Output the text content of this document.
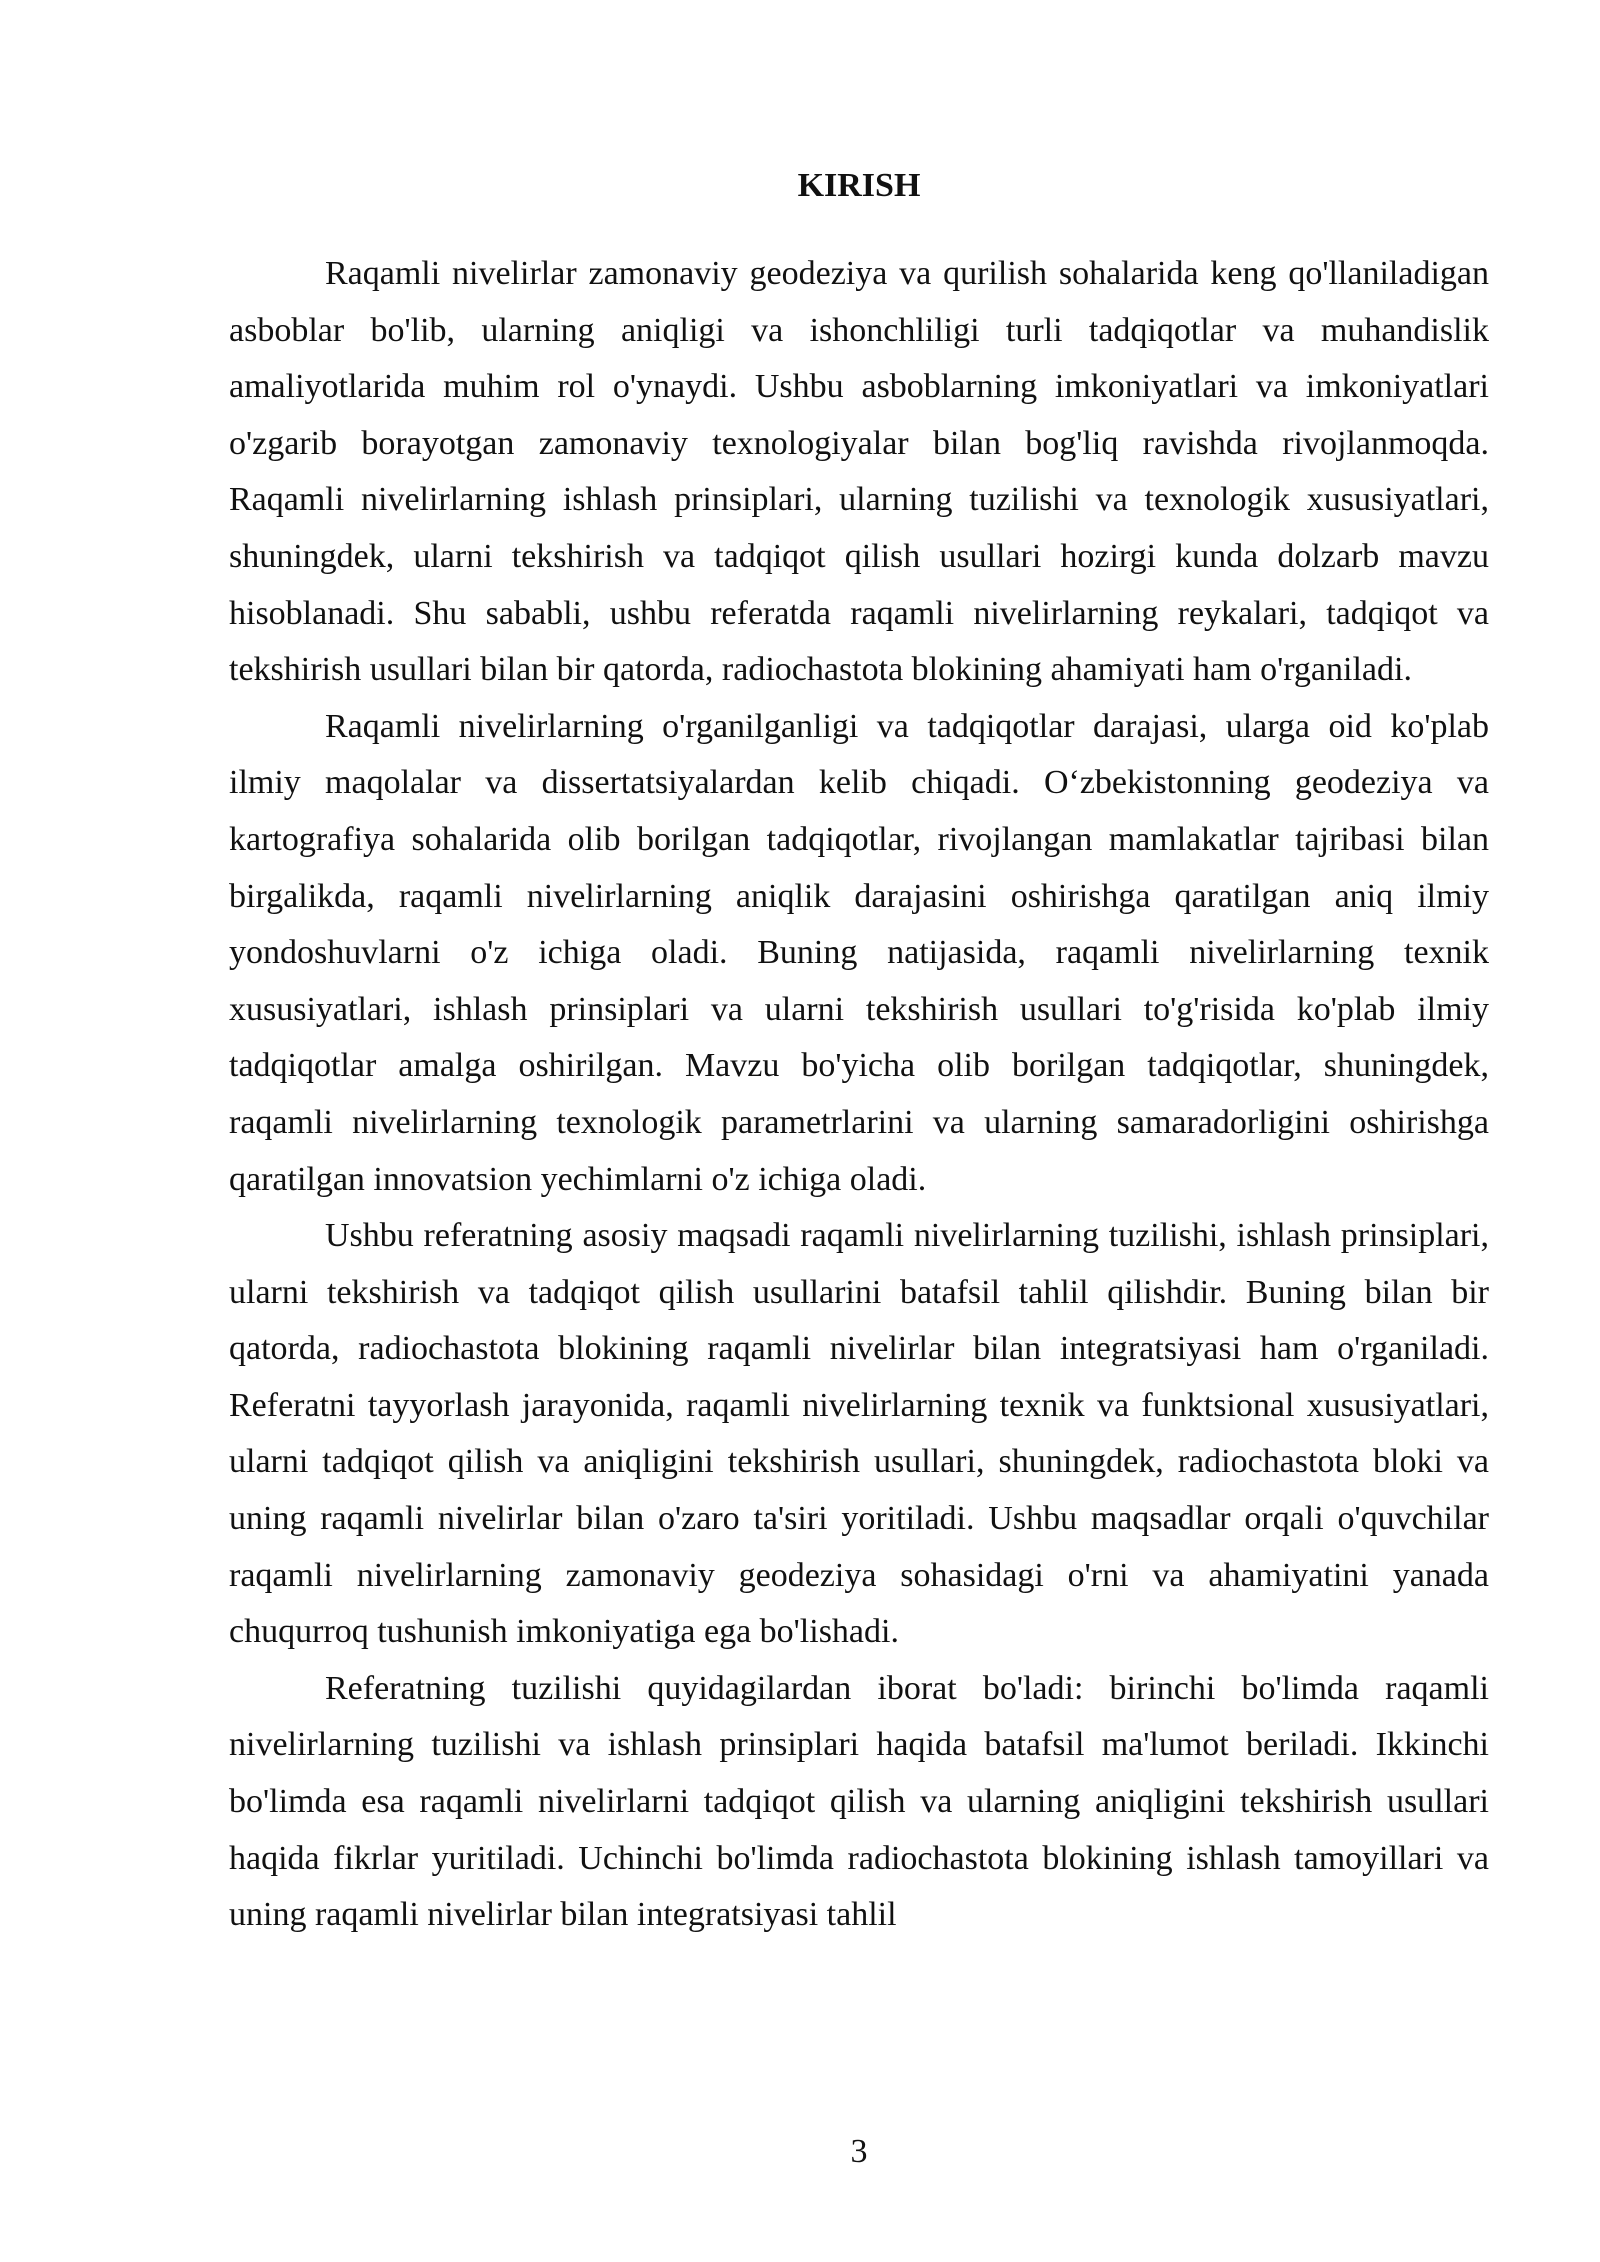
KIRISH

Raqamli nivelirlar zamonaviy geodeziya va qurilish sohalarida keng qo'llaniladigan asboblar bo'lib, ularning aniqligi va ishonchliligi turli tadqiqotlar va muhandislik amaliyotlarida muhim rol o'ynaydi. Ushbu asboblarning imkoniyatlari va imkoniyatlari o'zgarib borayotgan zamonaviy texnologiyalar bilan bog'liq ravishda rivojlanmoqda. Raqamli nivelirlarning ishlash prinsiplari, ularning tuzilishi va texnologik xususiyatlari, shuningdek, ularni tekshirish va tadqiqot qilish usullari hozirgi kunda dolzarb mavzu hisoblanadi. Shu sababli, ushbu referatda raqamli nivelirlarning reykalari, tadqiqot va tekshirish usullari bilan bir qatorda, radiochastota blokining ahamiyati ham o'rganiladi.

Raqamli nivelirlarning o'rganilganligi va tadqiqotlar darajasi, ularga oid ko'plab ilmiy maqolalar va dissertatsiyalardan kelib chiqadi. O‘zbekistonning geodeziya va kartografiya sohalarida olib borilgan tadqiqotlar, rivojlangan mamlakatlar tajribasi bilan birgalikda, raqamli nivelirlarning aniqlik darajasini oshirishga qaratilgan aniq ilmiy yondoshuvlarni o'z ichiga oladi. Buning natijasida, raqamli nivelirlarning texnik xususiyatlari, ishlash prinsiplari va ularni tekshirish usullari to'g'risida ko'plab ilmiy tadqiqotlar amalga oshirilgan. Mavzu bo'yicha olib borilgan tadqiqotlar, shuningdek, raqamli nivelirlarning texnologik parametrlarini va ularning samaradorligini oshirishga qaratilgan innovatsion yechimlarni o'z ichiga oladi.

Ushbu referatning asosiy maqsadi raqamli nivelirlarning tuzilishi, ishlash prinsiplari, ularni tekshirish va tadqiqot qilish usullarini batafsil tahlil qilishdir. Buning bilan bir qatorda, radiochastota blokining raqamli nivelirlar bilan integratsiyasi ham o'rganiladi. Referatni tayyorlash jarayonida, raqamli nivelirlarning texnik va funktsional xususiyatlari, ularni tadqiqot qilish va aniqligini tekshirish usullari, shuningdek, radiochastota bloki va uning raqamli nivelirlar bilan o'zaro ta'siri yoritiladi. Ushbu maqsadlar orqali o'quvchilar raqamli nivelirlarning zamonaviy geodeziya sohasidagi o'rni va ahamiyatini yanada chuqurroq tushunish imkoniyatiga ega bo'lishadi.

Referatning tuzilishi quyidagilardan iborat bo'ladi: birinchi bo'limda raqamli nivelirlarning tuzilishi va ishlash prinsiplari haqida batafsil ma'lumot beriladi. Ikkinchi bo'limda esa raqamli nivelirlarni tadqiqot qilish va ularning aniqligini tekshirish usullari haqida fikrlar yuritiladi. Uchinchi bo'limda radiochastota blokining ishlash tamoyillari va uning raqamli nivelirlar bilan integratsiyasi tahlil

3
